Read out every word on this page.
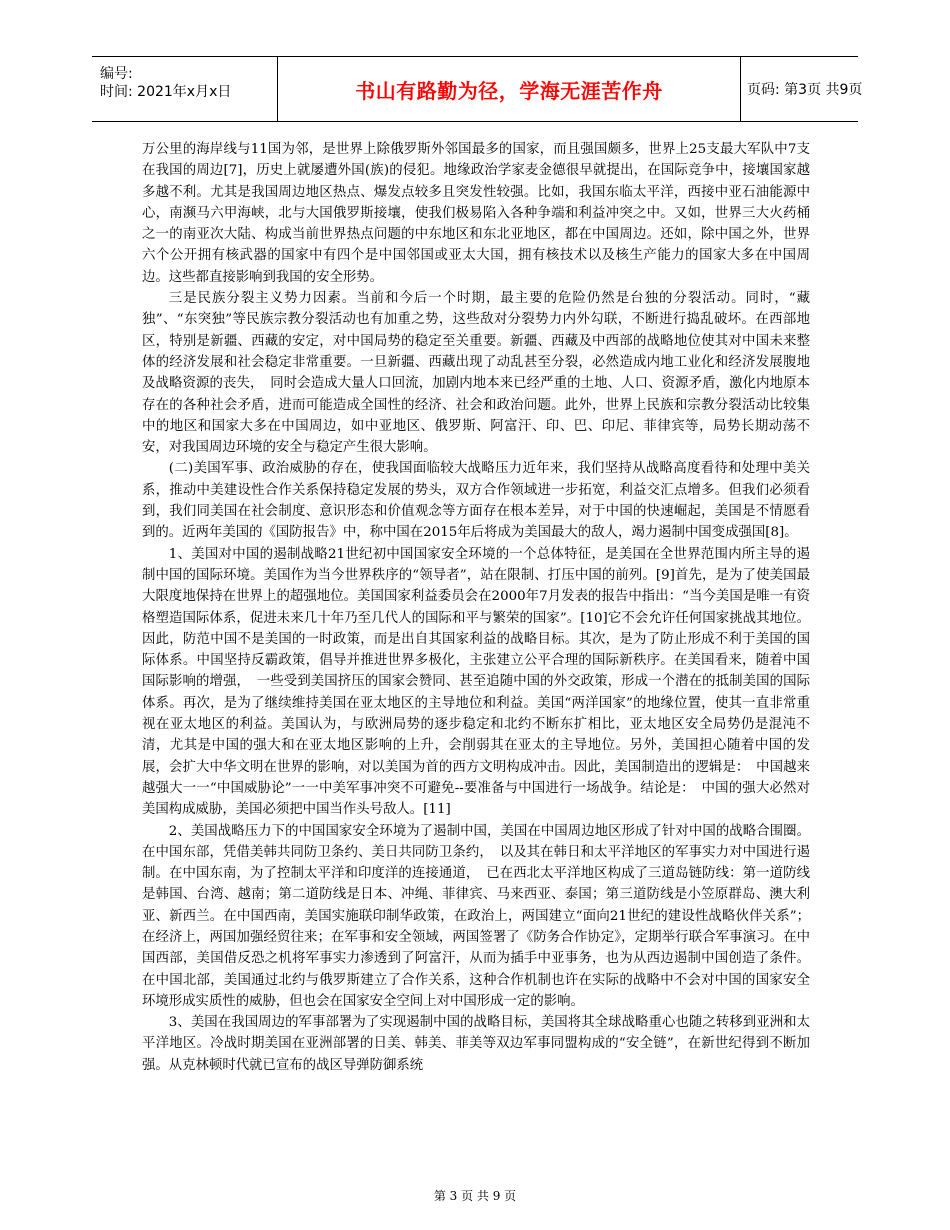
编号:
时间: 2021年x月x日	书山有路勤为径，学海无涯苦作舟	页码: 第3页 共9页

万公里的海岸线与11国为邻，是世界上除俄罗斯外邻国最多的国家，而且强国颇多，世界上25支最大军队中7支在我国的周边[7]，历史上就屡遭外国(族)的侵犯。地缘政治学家麦金德很早就提出，在国际竞争中，接壤国家越多越不利。尤其是我国周边地区热点、爆发点较多且突发性较强。比如，我国东临太平洋，西接中亚石油能源中心，南濒马六甲海峡，北与大国俄罗斯接壤，使我们极易陷入各种争端和利益冲突之中。又如，世界三大火药桶之一的南亚次大陆、构成当前世界热点问题的中东地区和东北亚地区，都在中国周边。还如，除中国之外，世界六个公开拥有核武器的国家中有四个是中国邻国或亚太大国，拥有核技术以及核生产能力的国家大多在中国周边。这些都直接影响到我国的安全形势。

三是民族分裂主义势力因素。当前和今后一个时期，最主要的危险仍然是台独的分裂活动。同时，“藏独”、“东突独”等民族宗教分裂活动也有加重之势，这些敌对分裂势力内外勾联，不断进行捣乱破坏。在西部地区，特别是新疆、西藏的安定，对中国局势的稳定至关重要。新疆、西藏及中西部的战略地位使其对中国未来整体的经济发展和社会稳定非常重要。一旦新疆、西藏出现了动乱甚至分裂，必然造成内地工业化和经济发展腹地及战略资源的丧失，　同时会造成大量人口回流，加剧内地本来已经严重的土地、人口、资源矛盾，激化内地原本存在的各种社会矛盾，进而可能造成全国性的经济、社会和政治问题。此外，世界上民族和宗教分裂活动比较集中的地区和国家大多在中国周边，如中亚地区、俄罗斯、阿富汗、印、巴、印尼、菲律宾等，局势长期动荡不安，对我国周边环境的安全与稳定产生很大影响。

(二)美国军事、政治威胁的存在，使我国面临较大战略压力近年来，我们坚持从战略高度看待和处理中美关系，推动中美建设性合作关系保持稳定发展的势头，双方合作领域进一步拓宽，利益交汇点增多。但我们必须看到，我们同美国在社会制度、意识形态和价值观念等方面存在根本差异，对于中国的快速崛起，美国是不情愿看到的。近两年美国的《国防报告》中，称中国在2015年后将成为美国最大的敌人，竭力遏制中国变成强国[8]。

1、美国对中国的遏制战略21世纪初中国国家安全环境的一个总体特征，是美国在全世界范围内所主导的遏制中国的国际环境。美国作为当今世界秩序的“领导者”，站在限制、打压中国的前列。[9]首先，是为了使美国最大限度地保持在世界上的超强地位。美国国家利益委员会在2000年7月发表的报告中指出：“当今美国是唯一有资格塑造国际体系，促进未来几十年乃至几代人的国际和平与繁荣的国家”。[10]它不会允许任何国家挑战其地位。因此，防范中国不是美国的一时政策，而是出自其国家利益的战略目标。其次，是为了防止形成不利于美国的国际体系。中国坚持反霸政策，倡导并推进世界多极化，主张建立公平合理的国际新秩序。在美国看来，随着中国国际影响的增强，　一些受到美国挤压的国家会赞同、甚至追随中国的外交政策，形成一个潜在的抵制美国的国际体系。再次，是为了继续维持美国在亚太地区的主导地位和利益。美国“两洋国家”的地缘位置，使其一直非常重视在亚太地区的利益。美国认为，与欧洲局势的逐步稳定和北约不断东扩相比，亚太地区安全局势仍是混沌不清，尤其是中国的强大和在亚太地区影响的上升，会削弱其在亚太的主导地位。另外，美国担心随着中国的发展，会扩大中华文明在世界的影响，对以美国为首的西方文明构成冲击。因此，美国制造出的逻辑是：　中国越来越强大一一“中国威胁论”一一中美军事冲突不可避免--要准备与中国进行一场战争。结论是：　中国的强大必然对美国构成威胁，美国必须把中国当作头号敌人。[11]

2、美国战略压力下的中国国家安全环境为了遏制中国，美国在中国周边地区形成了针对中国的战略合围圈。在中国东部，凭借美韩共同防卫条约、美日共同防卫条约，　以及其在韩日和太平洋地区的军事实力对中国进行遏制。在中国东南，为了控制太平洋和印度洋的连接通道，　已在西北太平洋地区构成了三道岛链防线：第一道防线是韩国、台湾、越南；第二道防线是日本、冲绳、菲律宾、马来西亚、泰国；第三道防线是小笠原群岛、澳大利亚、新西兰。在中国西南，美国实施联印制华政策，在政治上，两国建立“面向21世纪的建设性战略伙伴关系”；在经济上，两国加强经贸往来；在军事和安全领域，两国签署了《防务合作协定》，定期举行联合军事演习。在中国西部，美国借反恐之机将军事实力渗透到了阿富汗，从而为插手中亚事务，也为从西边遏制中国创造了条件。在中国北部，美国通过北约与俄罗斯建立了合作关系，这种合作机制也许在实际的战略中不会对中国的国家安全环境形成实质性的威胁，但也会在国家安全空间上对中国形成一定的影响。

3、美国在我国周边的军事部署为了实现遏制中国的战略目标，美国将其全球战略重心也随之转移到亚洲和太平洋地区。冷战时期美国在亚洲部署的日美、韩美、菲美等双边军事同盟构成的“安全链”，在新世纪得到不断加强。从克林顿时代就已宣布的战区导弹防御系统

第 3 页 共 9 页
